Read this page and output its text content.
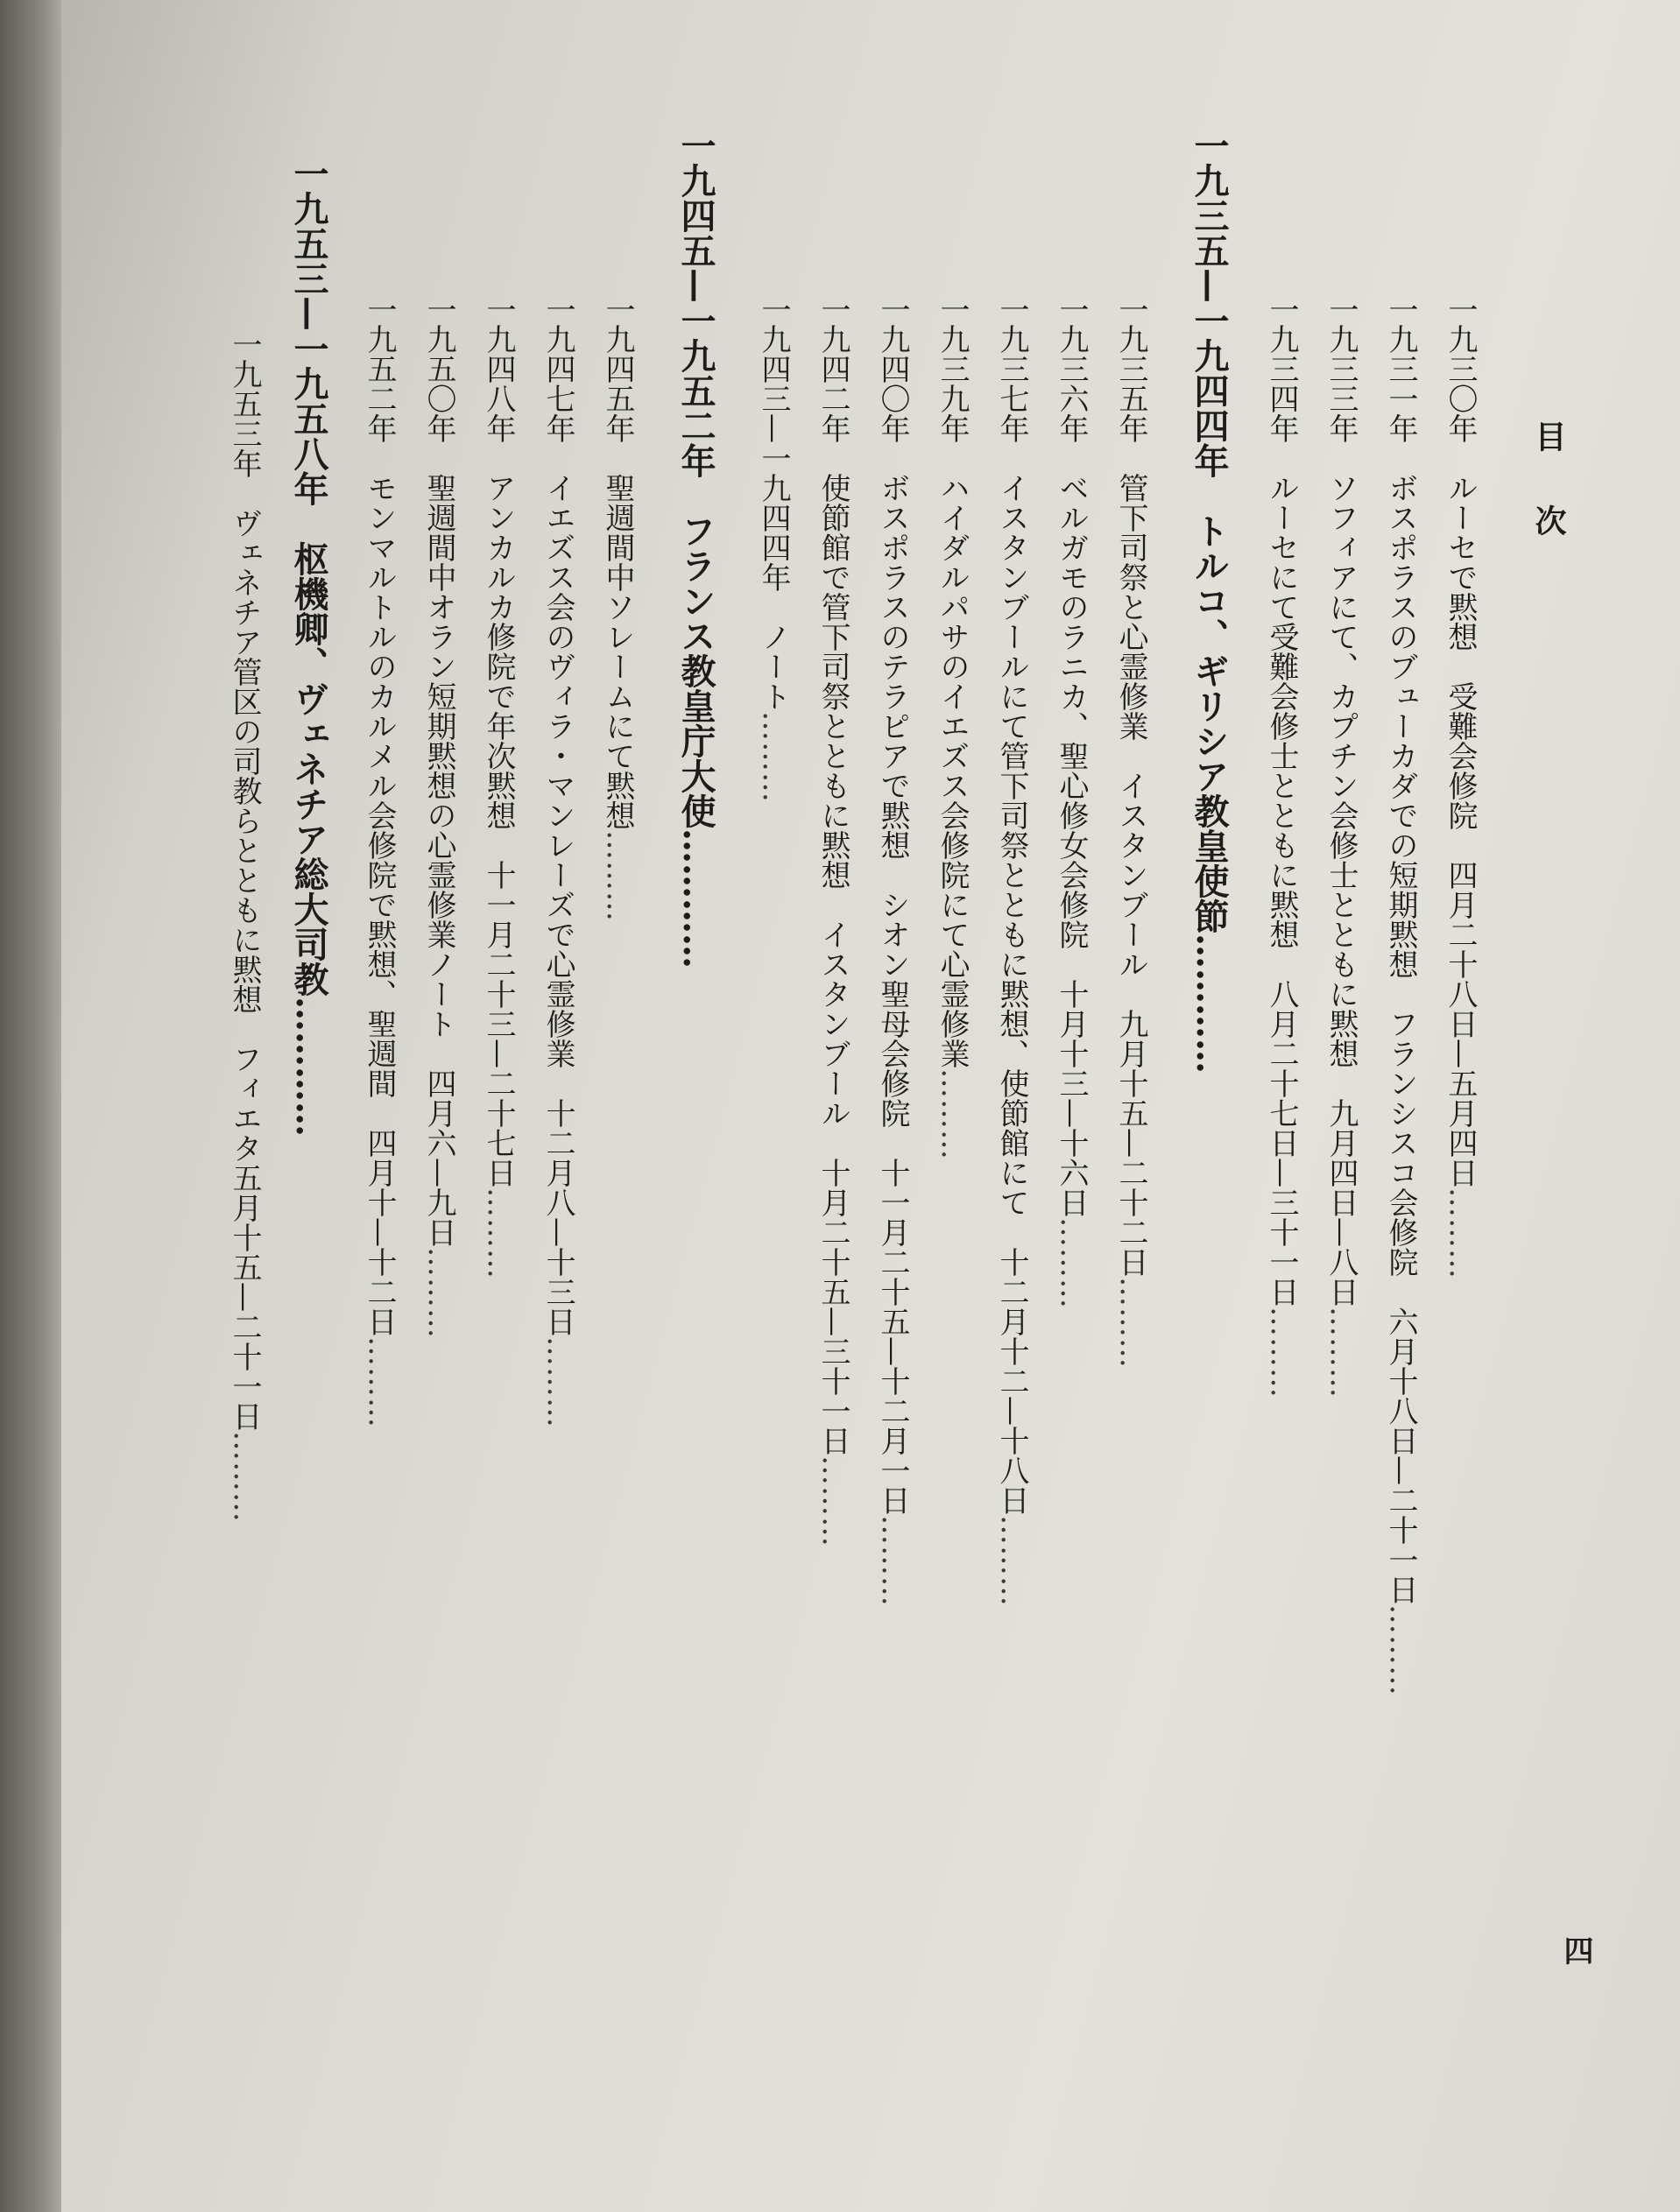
目次
四
一九三〇年　ルーセで黙想　受難会修院　四月二十八日—五月四日………
一九三一年　ボスポラスのブューカダでの短期黙想　フランシスコ会修院　六月十八日—二十一日………
一九三三年　ソフィアにて、カプチン会修士とともに黙想　九月四日—八日………
一九三四年　ルーセにて受難会修士とともに黙想　八月二十七日—三十一日………
一九三五—一九四四年　トルコ、ギリシア教皇使節…………
一九三五年　管下司祭と心霊修業　イスタンブール　九月十五—二十二日………
一九三六年　ベルガモのラニカ、聖心修女会修院　十月十三—十六日………
一九三七年　イスタンブールにて管下司祭とともに黙想、使節館にて　十二月十二—十八日………
一九三九年　ハイダルパサのイエズス会修院にて心霊修業………
一九四〇年　ボスポラスのテラピアで黙想　シオン聖母会修院　十一月二十五—十二月一日………
一九四二年　使節館で管下司祭とともに黙想　イスタンブール　十月二十五—三十一日………
一九四三—一九四四年　ノート………
一九四五—一九五二年　フランス教皇庁大使…………
一九四五年　聖週間中ソレームにて黙想………
一九四七年　イエズス会のヴィラ・マンレーズで心霊修業　十二月八—十三日………
一九四八年　アンカルカ修院で年次黙想　十一月二十三—二十七日………
一九五〇年　聖週間中オラン短期黙想の心霊修業ノート　四月六—九日………
一九五二年　モンマルトルのカルメル会修院で黙想、聖週間　四月十—十二日………
一九五三—一九五八年　枢機卿、ヴェネチア総大司教…………
一九五三年　ヴェネチア管区の司教らとともに黙想　フィエタ五月十五—二十一日………
